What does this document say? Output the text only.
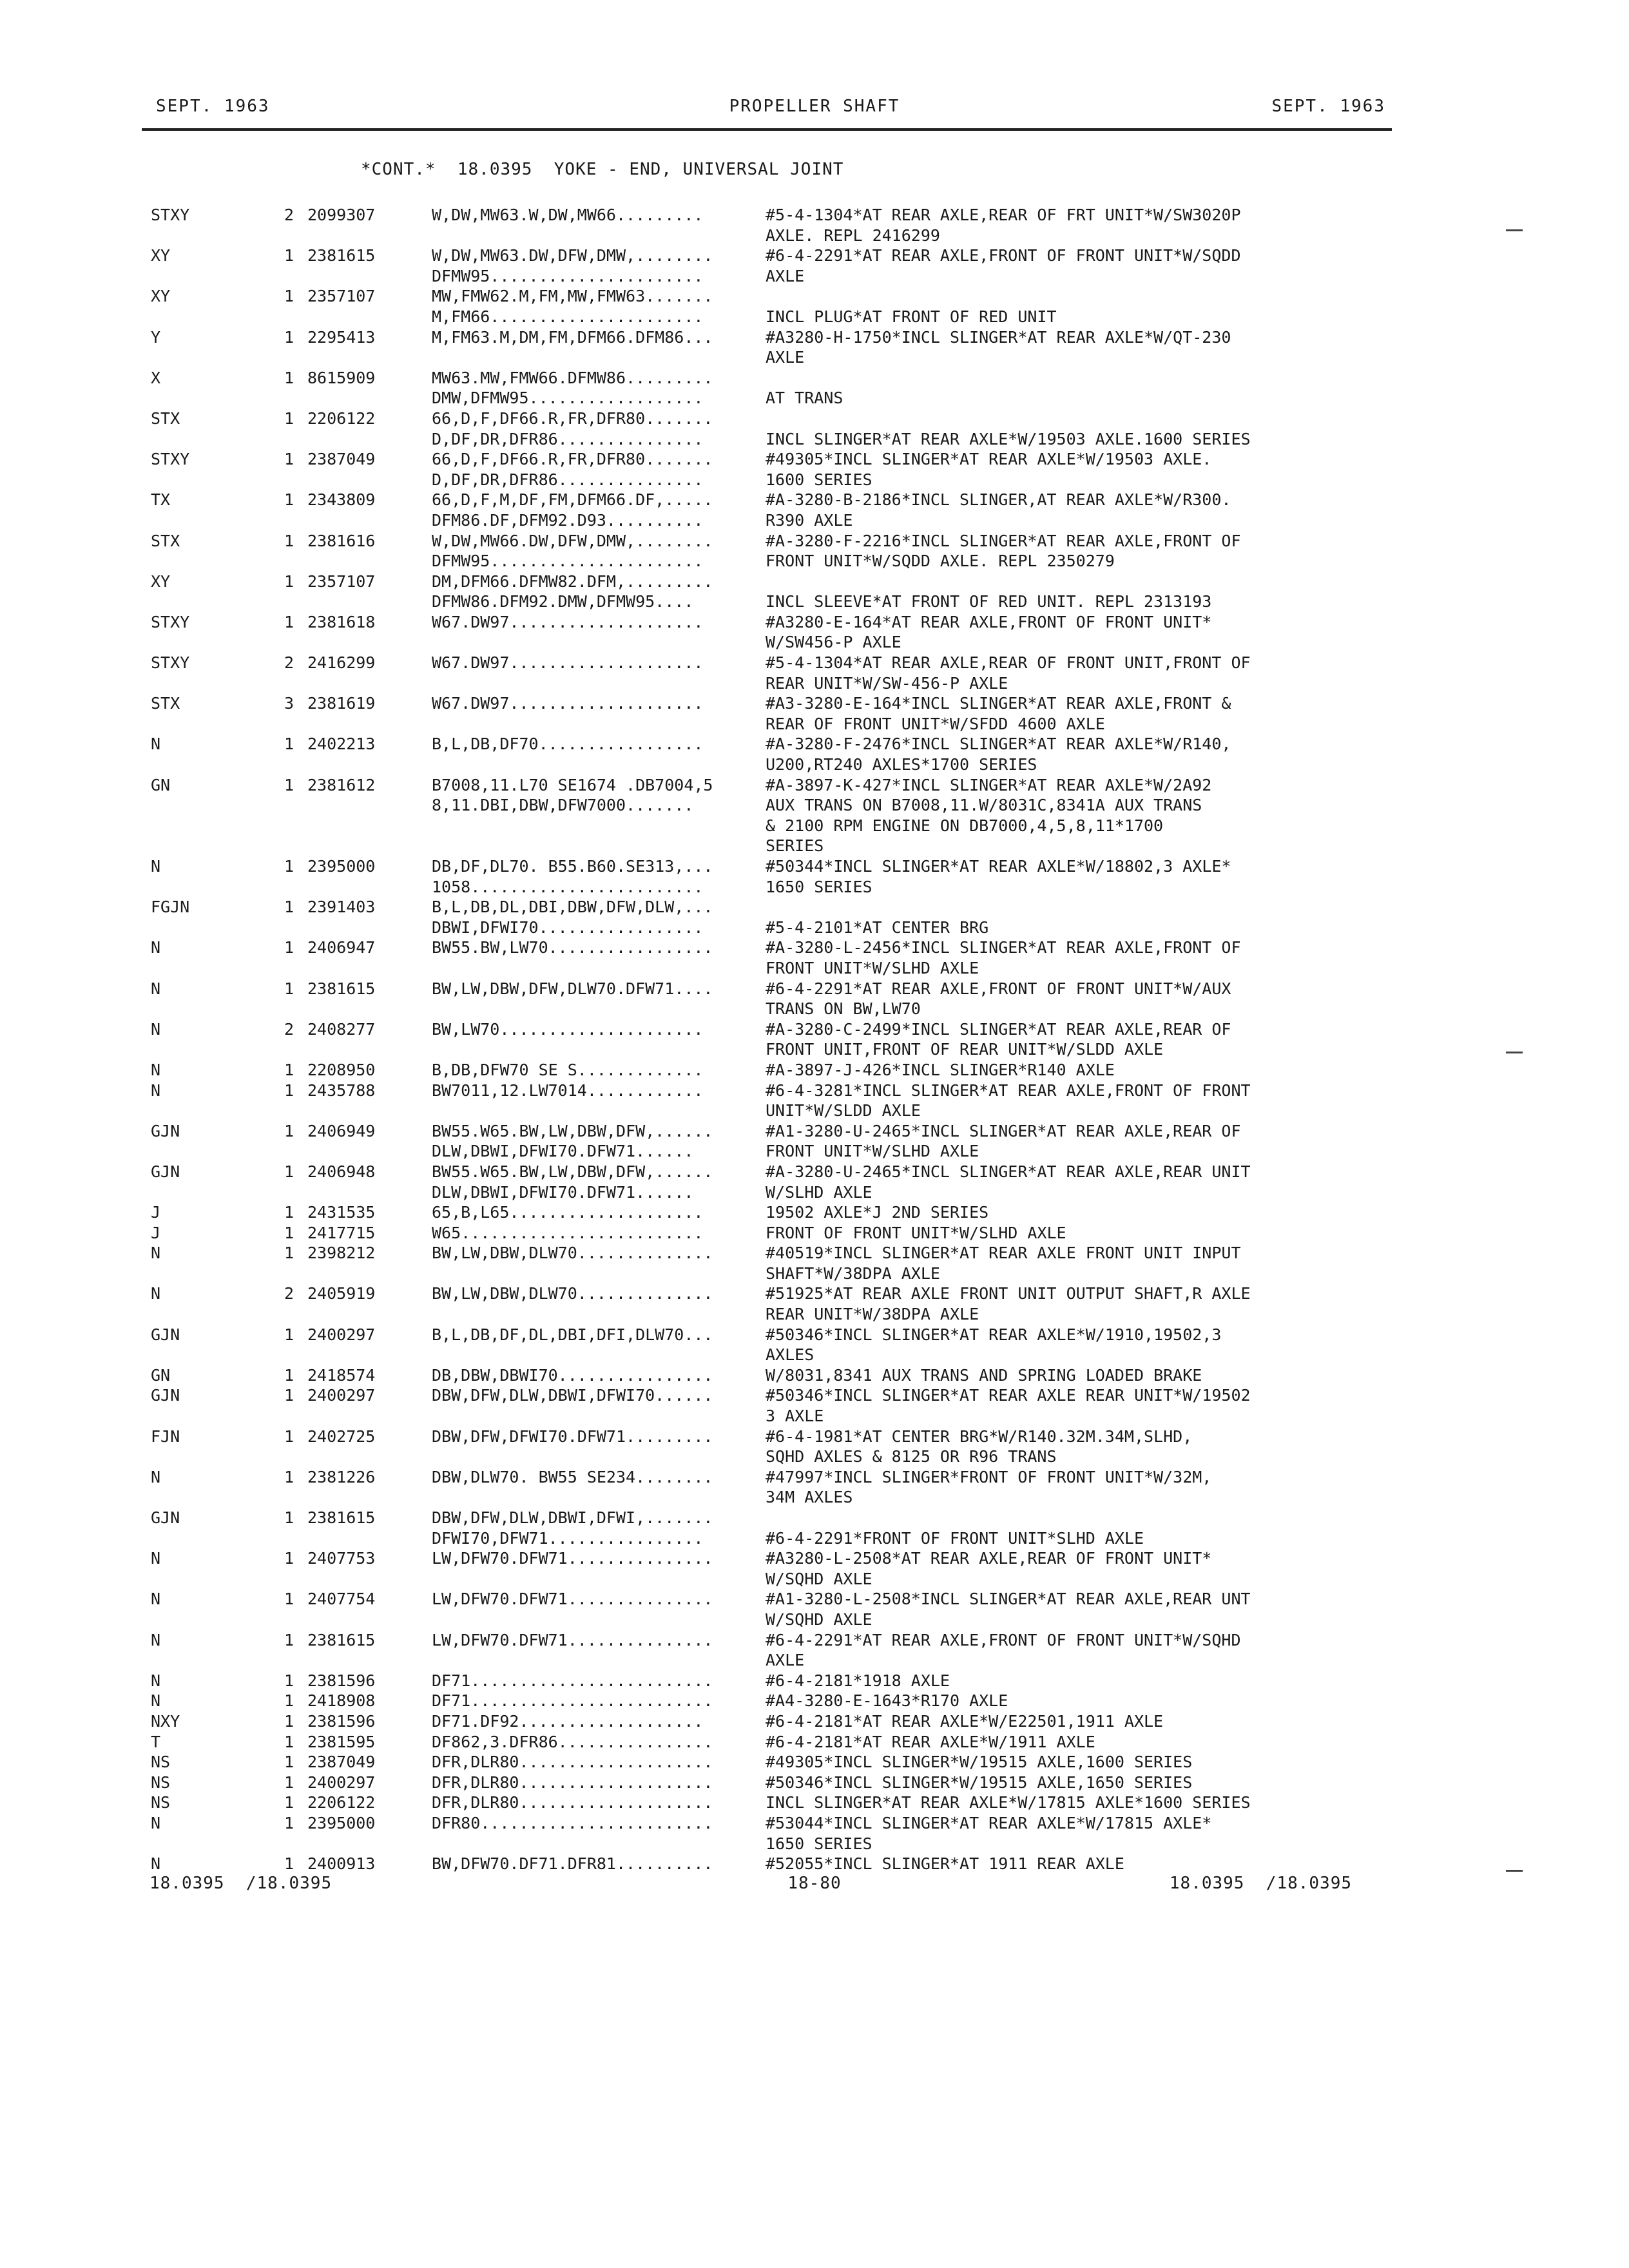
SEPT. 1963	PROPELLER SHAFT	SEPT. 1963
*CONT.*  18.0395  YOKE - END, UNIVERSAL JOINT
STXY	2 2099307	W,DW,MW63.W,DW,MW66.........	#5-4-1304*AT REAR AXLE,REAR OF FRT UNIT*W/SW3020P
AXLE. REPL 2416299
XY	1 2381615	W,DW,MW63.DW,DFW,DMW,........	#6-4-2291*AT REAR AXLE,FRONT OF FRONT UNIT*W/SQDD
DFMW95......................	AXLE
XY	1 2357107	MW,FMW62.M,FM,MW,FMW63.......
M,FM66......................	INCL PLUG*AT FRONT OF RED UNIT
Y	1 2295413	M,FM63.M,DM,FM,DFM66.DFM86...	#A3280-H-1750*INCL SLINGER*AT REAR AXLE*W/QT-230
AXLE
X	1 8615909	MW63.MW,FMW66.DFMW86.........
DMW,DFMW95..................	AT TRANS
STX	1 2206122	66,D,F,DF66.R,FR,DFR80.......
D,DF,DR,DFR86...............	INCL SLINGER*AT REAR AXLE*W/19503 AXLE.1600 SERIES
STXY	1 2387049	66,D,F,DF66.R,FR,DFR80.......	#49305*INCL SLINGER*AT REAR AXLE*W/19503 AXLE.
D,DF,DR,DFR86...............	1600 SERIES
TX	1 2343809	66,D,F,M,DF,FM,DFM66.DF,.....	#A-3280-B-2186*INCL SLINGER,AT REAR AXLE*W/R300.
DFM86.DF,DFM92.D93..........	R390 AXLE
STX	1 2381616	W,DW,MW66.DW,DFW,DMW,........	#A-3280-F-2216*INCL SLINGER*AT REAR AXLE,FRONT OF
DFMW95......................	FRONT UNIT*W/SQDD AXLE. REPL 2350279
XY	1 2357107	DM,DFM66.DFMW82.DFM,.........
DFMW86.DFM92.DMW,DFMW95....	INCL SLEEVE*AT FRONT OF RED UNIT. REPL 2313193
STXY	1 2381618	W67.DW97....................	#A3280-E-164*AT REAR AXLE,FRONT OF FRONT UNIT*
W/SW456-P AXLE
STXY	2 2416299	W67.DW97....................	#5-4-1304*AT REAR AXLE,REAR OF FRONT UNIT,FRONT OF
REAR UNIT*W/SW-456-P AXLE
STX	3 2381619	W67.DW97....................	#A3-3280-E-164*INCL SLINGER*AT REAR AXLE,FRONT &
REAR OF FRONT UNIT*W/SFDD 4600 AXLE
N	1 2402213	B,L,DB,DF70.................	#A-3280-F-2476*INCL SLINGER*AT REAR AXLE*W/R140,
U200,RT240 AXLES*1700 SERIES
GN	1 2381612	B7008,11.L70 SE1674 .DB7004,5	#A-3897-K-427*INCL SLINGER*AT REAR AXLE*W/2A92
8,11.DBI,DBW,DFW7000.......	AUX TRANS ON B7008,11.W/8031C,8341A AUX TRANS
& 2100 RPM ENGINE ON DB7000,4,5,8,11*1700
SERIES
N	1 2395000	DB,DF,DL70. B55.B60.SE313,...	#50344*INCL SLINGER*AT REAR AXLE*W/18802,3 AXLE*
1058........................	1650 SERIES
FGJN	1 2391403	B,L,DB,DL,DBI,DBW,DFW,DLW,...
DBWI,DFWI70.................	#5-4-2101*AT CENTER BRG
N	1 2406947	BW55.BW,LW70.................	#A-3280-L-2456*INCL SLINGER*AT REAR AXLE,FRONT OF
FRONT UNIT*W/SLHD AXLE
N	1 2381615	BW,LW,DBW,DFW,DLW70.DFW71....	#6-4-2291*AT REAR AXLE,FRONT OF FRONT UNIT*W/AUX
TRANS ON BW,LW70
N	2 2408277	BW,LW70.....................	#A-3280-C-2499*INCL SLINGER*AT REAR AXLE,REAR OF
FRONT UNIT,FRONT OF REAR UNIT*W/SLDD AXLE
N	1 2208950	B,DB,DFW70 SE S.............	#A-3897-J-426*INCL SLINGER*R140 AXLE
N	1 2435788	BW7011,12.LW7014............	#6-4-3281*INCL SLINGER*AT REAR AXLE,FRONT OF FRONT
UNIT*W/SLDD AXLE
GJN	1 2406949	BW55.W65.BW,LW,DBW,DFW,......	#A1-3280-U-2465*INCL SLINGER*AT REAR AXLE,REAR OF
DLW,DBWI,DFWI70.DFW71......	FRONT UNIT*W/SLHD AXLE
GJN	1 2406948	BW55.W65.BW,LW,DBW,DFW,......	#A-3280-U-2465*INCL SLINGER*AT REAR AXLE,REAR UNIT
DLW,DBWI,DFWI70.DFW71......	W/SLHD AXLE
J	1 2431535	65,B,L65....................	19502 AXLE*J 2ND SERIES
J	1 2417715	W65.........................	FRONT OF FRONT UNIT*W/SLHD AXLE
N	1 2398212	BW,LW,DBW,DLW70..............	#40519*INCL SLINGER*AT REAR AXLE FRONT UNIT INPUT
SHAFT*W/38DPA AXLE
N	2 2405919	BW,LW,DBW,DLW70..............	#51925*AT REAR AXLE FRONT UNIT OUTPUT SHAFT,R AXLE
REAR UNIT*W/38DPA AXLE
GJN	1 2400297	B,L,DB,DF,DL,DBI,DFI,DLW70...	#50346*INCL SLINGER*AT REAR AXLE*W/1910,19502,3
AXLES
GN	1 2418574	DB,DBW,DBWI70................	W/8031,8341 AUX TRANS AND SPRING LOADED BRAKE
GJN	1 2400297	DBW,DFW,DLW,DBWI,DFWI70......	#50346*INCL SLINGER*AT REAR AXLE REAR UNIT*W/19502
3 AXLE
FJN	1 2402725	DBW,DFW,DFWI70.DFW71.........	#6-4-1981*AT CENTER BRG*W/R140.32M.34M,SLHD,
SQHD AXLES & 8125 OR R96 TRANS
N	1 2381226	DBW,DLW70. BW55 SE234........	#47997*INCL SLINGER*FRONT OF FRONT UNIT*W/32M,
34M AXLES
GJN	1 2381615	DBW,DFW,DLW,DBWI,DFWI,.......
DFWI70,DFW71................	#6-4-2291*FRONT OF FRONT UNIT*SLHD AXLE
N	1 2407753	LW,DFW70.DFW71...............	#A3280-L-2508*AT REAR AXLE,REAR OF FRONT UNIT*
W/SQHD AXLE
N	1 2407754	LW,DFW70.DFW71...............	#A1-3280-L-2508*INCL SLINGER*AT REAR AXLE,REAR UNT
W/SQHD AXLE
N	1 2381615	LW,DFW70.DFW71...............	#6-4-2291*AT REAR AXLE,FRONT OF FRONT UNIT*W/SQHD
AXLE
N	1 2381596	DF71.........................	#6-4-2181*1918 AXLE
N	1 2418908	DF71.........................	#A4-3280-E-1643*R170 AXLE
NXY	1 2381596	DF71.DF92...................	#6-4-2181*AT REAR AXLE*W/E22501,1911 AXLE
T	1 2381595	DF862,3.DFR86................	#6-4-2181*AT REAR AXLE*W/1911 AXLE
NS	1 2387049	DFR,DLR80....................	#49305*INCL SLINGER*W/19515 AXLE,1600 SERIES
NS	1 2400297	DFR,DLR80....................	#50346*INCL SLINGER*W/19515 AXLE,1650 SERIES
NS	1 2206122	DFR,DLR80....................	INCL SLINGER*AT REAR AXLE*W/17815 AXLE*1600 SERIES
N	1 2395000	DFR80........................	#53044*INCL SLINGER*AT REAR AXLE*W/17815 AXLE*
1650 SERIES
N	1 2400913	BW,DFW70.DF71.DFR81..........	#52055*INCL SLINGER*AT 1911 REAR AXLE
18.0395  /18.0395	18-80	18.0395  /18.0395
